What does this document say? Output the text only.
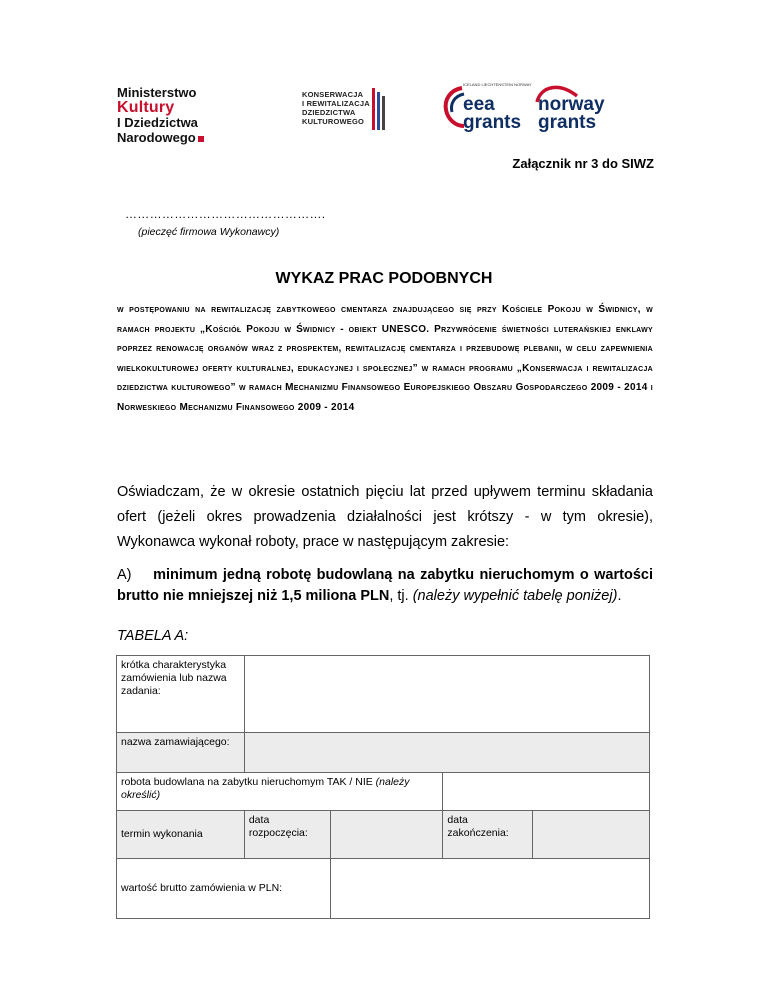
Ministerstwo
Kultury
I Dziedzictwa
Narodowego
KONSERWACJA
I REWITALIZACJA
DZIEDZICTWA
KULTUROWEGO
ICELAND LIECHTENSTEIN NORWAY
eea
grants
norway
grants
Załącznik nr 3 do SIWZ
………………………………………….
(pieczęć firmowa Wykonawcy)
WYKAZ PRAC PODOBNYCH
w postępowaniu na rewitalizację zabytkowego cmentarza znajdującego się przy Kościele Pokoju w Świdnicy, w ramach projektu „Kościół Pokoju w Świdnicy - obiekt UNESCO. Przywrócenie świetności luterańskiej enklawy poprzez renowację organów wraz z prospektem, rewitalizację cmentarza i przebudowę plebanii, w celu zapewnienia wielkokulturowej oferty kulturalnej, edukacyjnej i społecznej” w ramach programu „Konserwacja i rewitalizacja dziedzictwa kulturowego” w ramach Mechanizmu Finansowego Europejskiego Obszaru Gospodarczego 2009 - 2014 i Norweskiego Mechanizmu Finansowego 2009 - 2014
Oświadczam, że w okresie ostatnich pięciu lat przed upływem terminu składania ofert (jeżeli okres prowadzenia działalności jest krótszy - w tym okresie), Wykonawca wykonał roboty, prace w następującym zakresie:
A) minimum jedną robotę budowlaną na zabytku nieruchomym o wartości brutto nie mniejszej niż 1,5 miliona PLN, tj. (należy wypełnić tabelę poniżej).
TABELA A:
krótka charakterystyka zamówienia lub nazwa zadania:				
nazwa zamawiającego:				
robota budowlana na zabytku nieruchomym TAK / NIE (należy określić)				
termin wykonania	data rozpoczęcia:		data zakończenia:	
wartość brutto zamówienia w PLN:				
